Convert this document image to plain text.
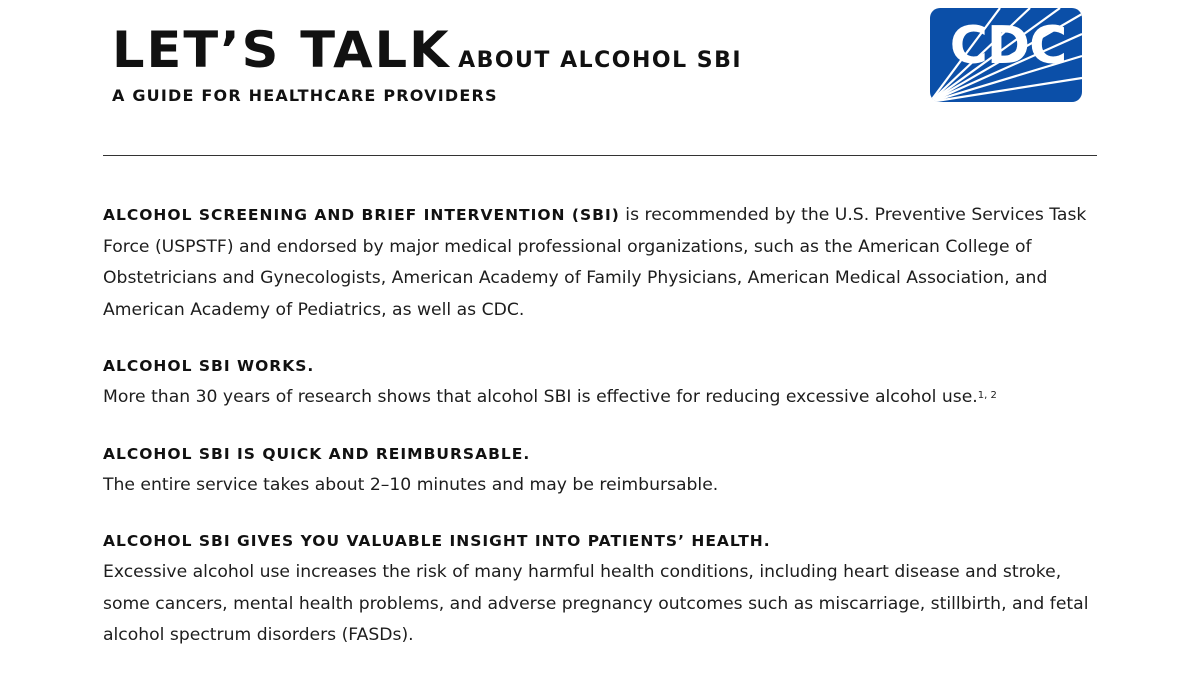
LET’S TALK ABOUT ALCOHOL SBI
A GUIDE FOR HEALTHCARE PROVIDERS
CDC

ALCOHOL SCREENING AND BRIEF INTERVENTION (SBI) is recommended by the U.S. Preventive Services Task Force (USPSTF) and endorsed by major medical professional organizations, such as the American College of Obstetricians and Gynecologists, American Academy of Family Physicians, American Medical Association, and American Academy of Pediatrics, as well as CDC.

ALCOHOL SBI WORKS.

More than 30 years of research shows that alcohol SBI is effective for reducing excessive alcohol use.$^{1, 2}$

ALCOHOL SBI IS QUICK AND REIMBURSABLE.

The entire service takes about 2–10 minutes and may be reimbursable.

ALCOHOL SBI GIVES YOU VALUABLE INSIGHT INTO PATIENTS’ HEALTH.

Excessive alcohol use increases the risk of many harmful health conditions, including heart disease and stroke, some cancers, mental health problems, and adverse pregnancy outcomes such as miscarriage, stillbirth, and fetal alcohol spectrum disorders (FASDs).
